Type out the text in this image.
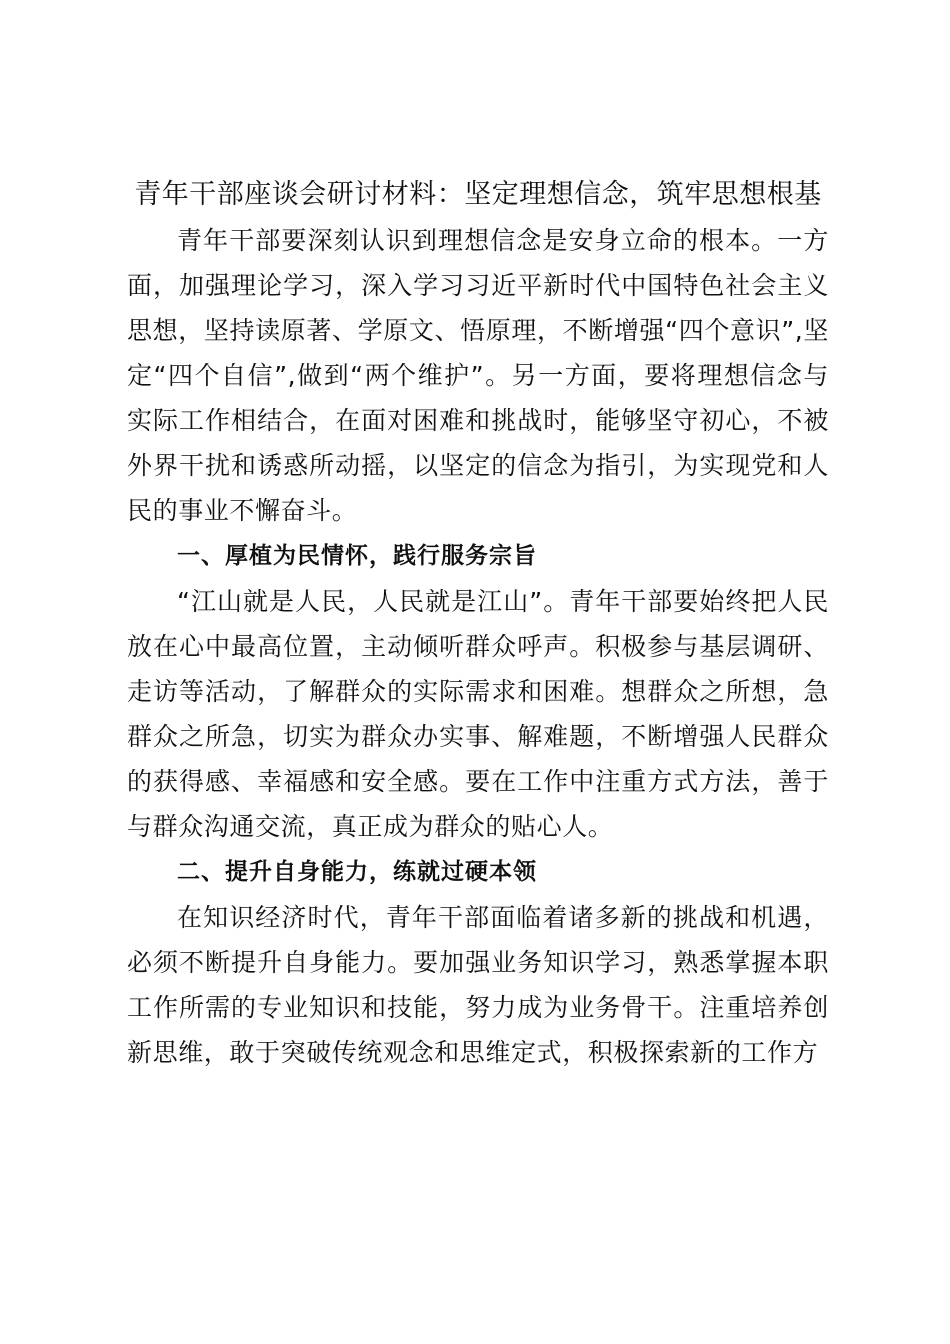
青年干部座谈会研讨材料：坚定理想信念，筑牢思想根基

青年干部要深刻认识到理想信念是安身立命的根本。一方面，加强理论学习，深入学习习近平新时代中国特色社会主义思想，坚持读原著、学原文、悟原理，不断增强“四个意识”,坚定“四个自信”,做到“两个维护”。另一方面，要将理想信念与实际工作相结合，在面对困难和挑战时，能够坚守初心，不被外界干扰和诱惑所动摇，以坚定的信念为指引，为实现党和人民的事业不懈奋斗。

一、厚植为民情怀，践行服务宗旨

“江山就是人民，人民就是江山”。青年干部要始终把人民放在心中最高位置，主动倾听群众呼声。积极参与基层调研、走访等活动，了解群众的实际需求和困难。想群众之所想，急群众之所急，切实为群众办实事、解难题，不断增强人民群众的获得感、幸福感和安全感。要在工作中注重方式方法，善于与群众沟通交流，真正成为群众的贴心人。

二、提升自身能力，练就过硬本领

在知识经济时代，青年干部面临着诸多新的挑战和机遇，必须不断提升自身能力。要加强业务知识学习，熟悉掌握本职工作所需的专业知识和技能，努力成为业务骨干。注重培养创新思维，敢于突破传统观念和思维定式，积极探索新的工作方
